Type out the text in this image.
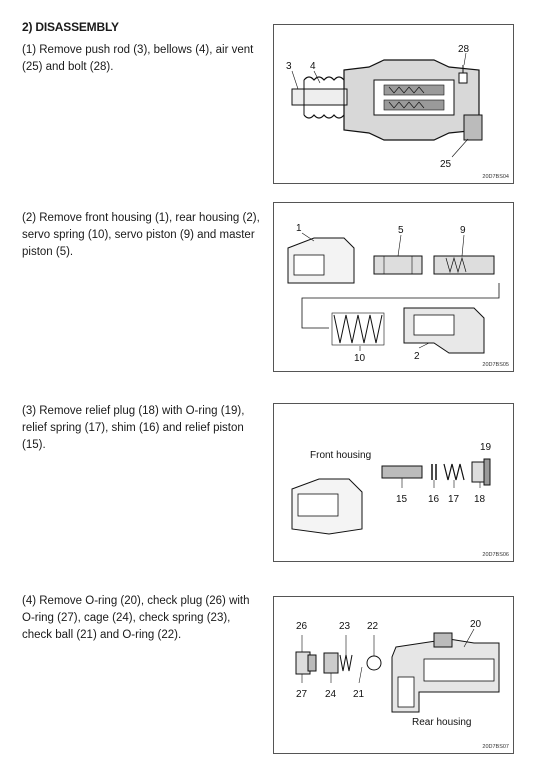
2) DISASSEMBLY
(1) Remove push rod (3), bellows (4), air vent (25) and bolt (28).
28
3 4
25
20D7BS04
(2) Remove front housing (1), rear housing (2), servo spring (10), servo piston (9) and master piston (5).
1	5	9
10	2
20D7BS05
(3) Remove relief plug (18) with O-ring (19), relief spring (17), shim (16) and relief piston (15).
Front housing
19
15 16 17 18
20D7BS06
(4) Remove O-ring (20), check plug (26) with O-ring (27), cage (24), check spring (23), check ball (21) and O-ring (22).
26	23 22	20
27 24 21
Rear housing
20D7BS07
